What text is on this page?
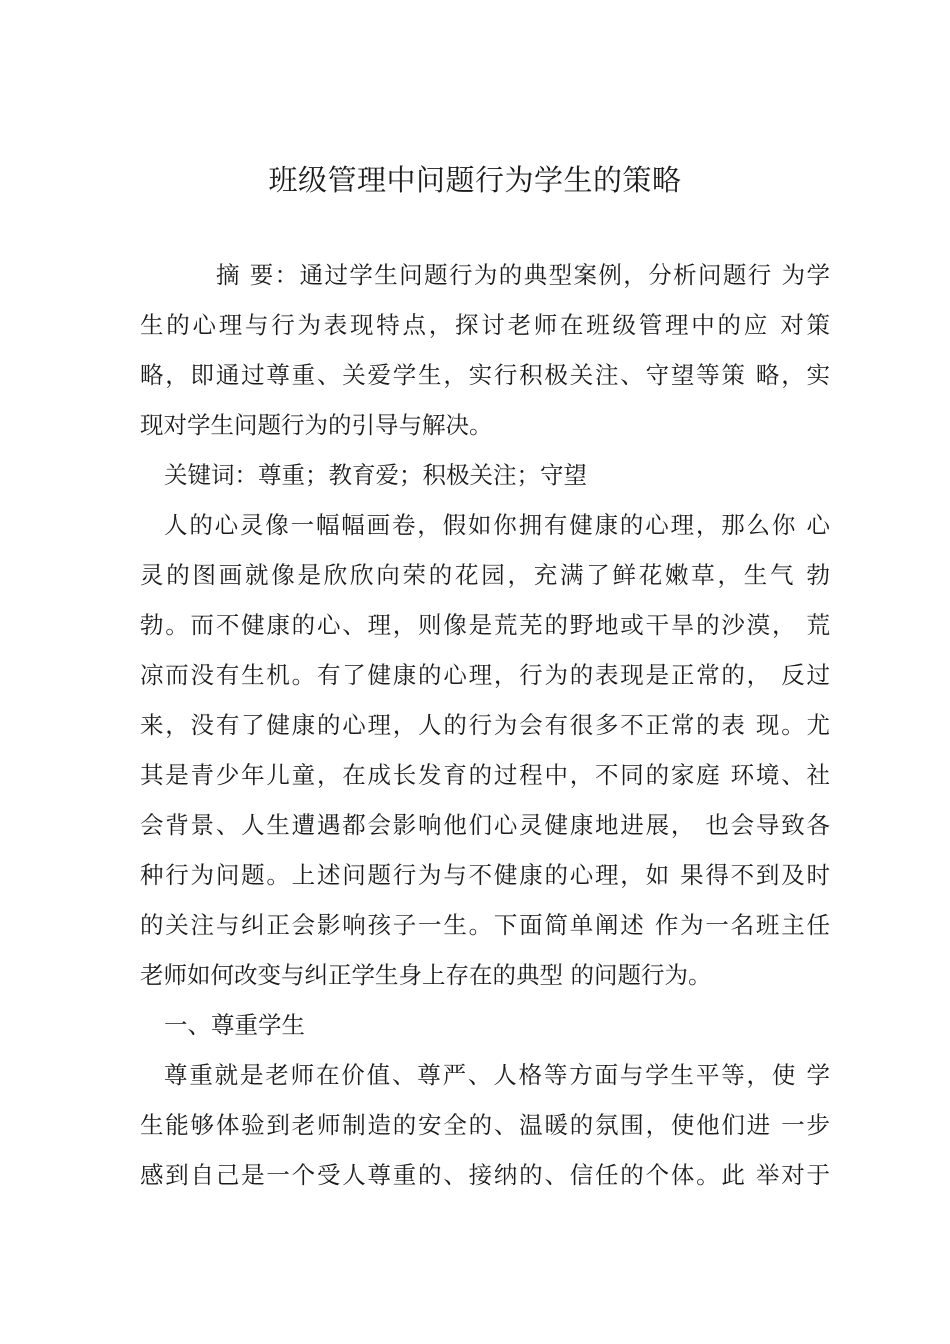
班级管理中问题行为学生的策略
摘 要：通过学生问题行为的典型案例，分析问题行 为学
生的心理与行为表现特点，探讨老师在班级管理中的应 对策
略，即通过尊重、关爱学生，实行积极关注、守望等策 略，实
现对学生问题行为的引导与解决。
关键词：尊重；教育爱；积极关注；守望
人的心灵像一幅幅画卷，假如你拥有健康的心理，那么你 心
灵的图画就像是欣欣向荣的花园，充满了鲜花嫩草，生气 勃
勃。而不健康的心、理，则像是荒芜的野地或干旱的沙漠， 荒
凉而没有生机。有了健康的心理，行为的表现是正常的， 反过
来，没有了健康的心理，人的行为会有很多不正常的表 现。尤
其是青少年儿童，在成长发育的过程中，不同的家庭 环境、社
会背景、人生遭遇都会影响他们心灵健康地进展， 也会导致各
种行为问题。上述问题行为与不健康的心理，如 果得不到及时
的关注与纠正会影响孩子一生。下面简单阐述 作为一名班主任
老师如何改变与纠正学生身上存在的典型 的问题行为。
一、尊重学生
尊重就是老师在价值、尊严、人格等方面与学生平等，使 学
生能够体验到老师制造的安全的、温暖的氛围，使他们进 一步
感到自己是一个受人尊重的、接纳的、信任的个体。此 举对于
